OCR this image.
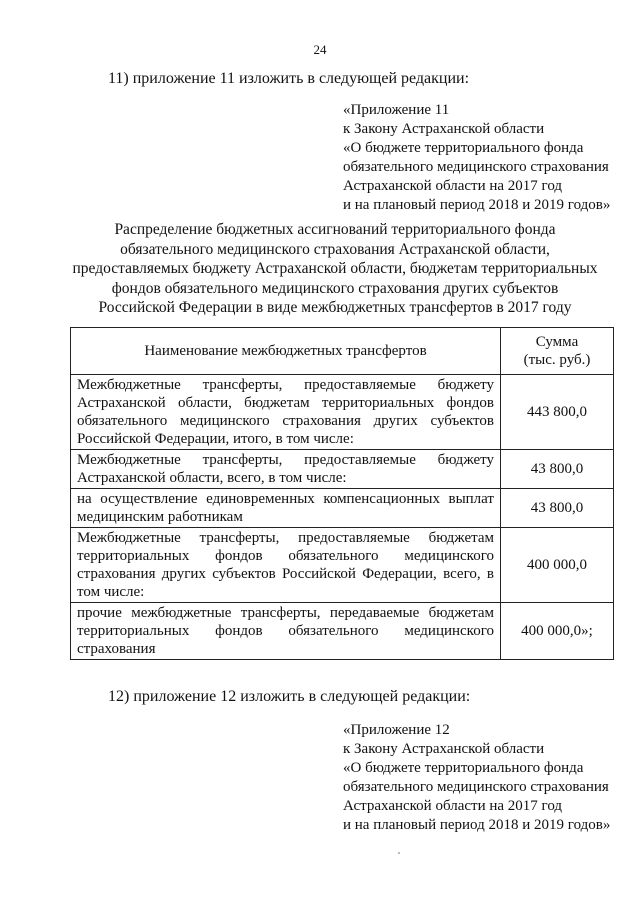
24
11) приложение 11 изложить в следующей редакции:
«Приложение 11
к Закону Астраханской области
«О бюджете территориального фонда
обязательного медицинского страхования
Астраханской области на 2017 год
и на плановый период 2018 и 2019 годов»
Распределение бюджетных ассигнований территориального фонда
обязательного медицинского страхования Астраханской области,
предоставляемых бюджету Астраханской области, бюджетам территориальных
фондов обязательного медицинского страхования других субъектов
Российской Федерации в виде межбюджетных трансфертов в 2017 году
Наименование межбюджетных трансфертов	Сумма
(тыс. руб.)

Межбюджетные трансферты, предоставляемые бюджету Астраханской области, бюджетам территориальных фондов обязательного медицинского страхования других субъектов Российской Федерации, итого, в том числе:	443 800,0
Межбюджетные трансферты, предоставляемые бюджету Астраханской области, всего, в том числе:	43 800,0
на осуществление единовременных компенсационных выплат медицинским работникам	43 800,0
Межбюджетные трансферты, предоставляемые бюджетам территориальных фондов обязательного медицинского страхования других субъектов Российской Федерации, всего, в том числе:	400 000,0
прочие межбюджетные трансферты, передаваемые бюджетам территориальных фондов обязательного медицинского страхования	400 000,0»;
12) приложение 12 изложить в следующей редакции:
«Приложение 12
к Закону Астраханской области
«О бюджете территориального фонда
обязательного медицинского страхования
Астраханской области на 2017 год
и на плановый период 2018 и 2019 годов»
